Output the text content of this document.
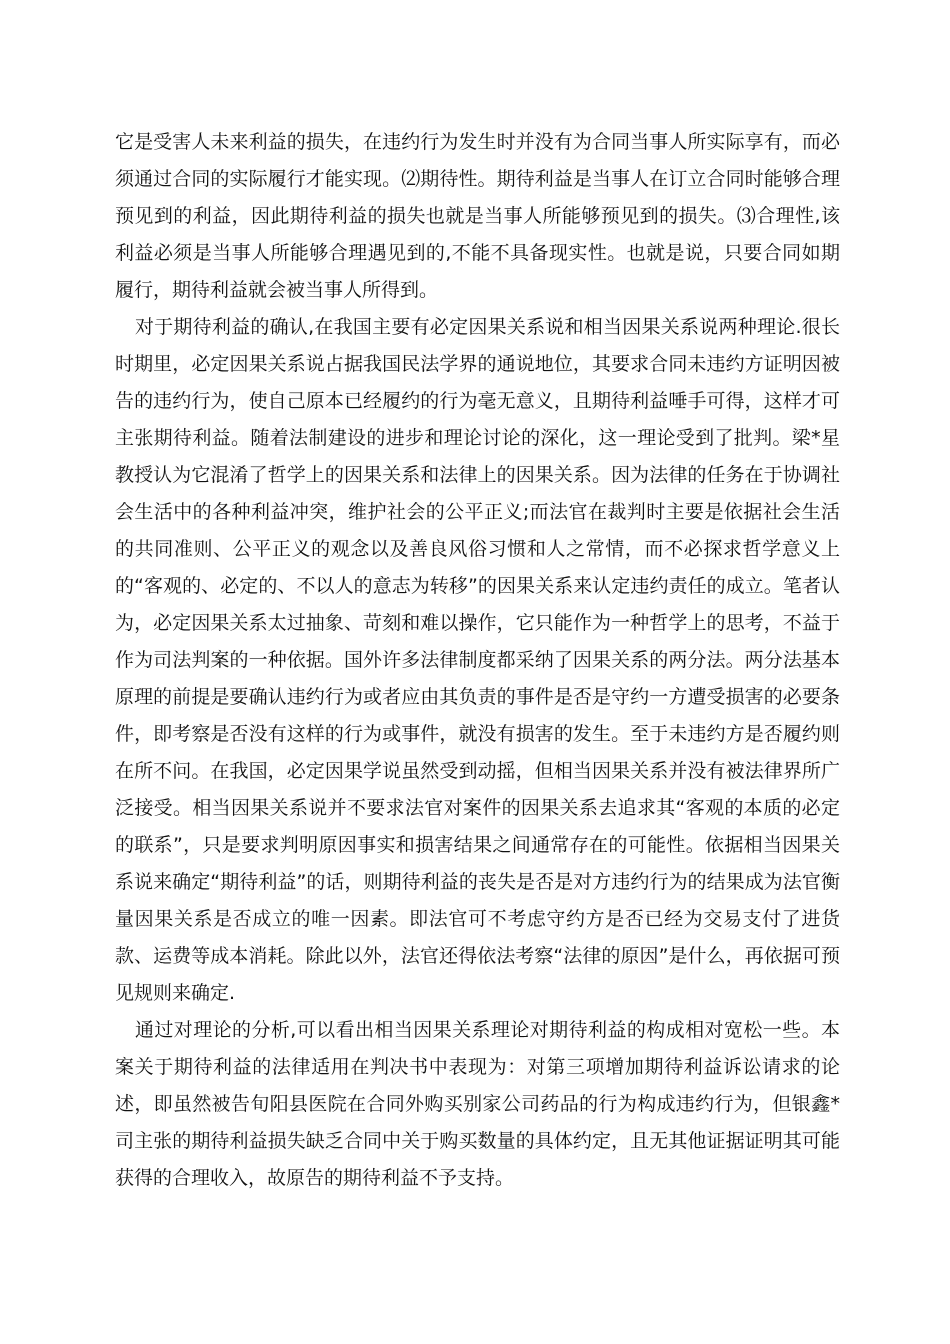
它是受害人未来利益的损失，在违约行为发生时并没有为合同当事人所实际享有，而必须通过合同的实际履行才能实现。⑵期待性。期待利益是当事人在订立合同时能够合理预见到的利益，因此期待利益的损失也就是当事人所能够预见到的损失。⑶合理性,该利益必须是当事人所能够合理遇见到的,不能不具备现实性。也就是说，只要合同如期履行，期待利益就会被当事人所得到。

对于期待利益的确认,在我国主要有必定因果关系说和相当因果关系说两种理论.很长时期里，必定因果关系说占据我国民法学界的通说地位，其要求合同未违约方证明因被告的违约行为，使自己原本已经履约的行为毫无意义，且期待利益唾手可得，这样才可主张期待利益。随着法制建设的进步和理论讨论的深化，这一理论受到了批判。梁*星教授认为它混淆了哲学上的因果关系和法律上的因果关系。因为法律的任务在于协调社会生活中的各种利益冲突，维护社会的公平正义;而法官在裁判时主要是依据社会生活的共同准则、公平正义的观念以及善良风俗习惯和人之常情，而不必探求哲学意义上的“客观的、必定的、不以人的意志为转移”的因果关系来认定违约责任的成立。笔者认为，必定因果关系太过抽象、苛刻和难以操作，它只能作为一种哲学上的思考，不益于作为司法判案的一种依据。国外许多法律制度都采纳了因果关系的两分法。两分法基本原理的前提是要确认违约行为或者应由其负责的事件是否是守约一方遭受损害的必要条件，即考察是否没有这样的行为或事件，就没有损害的发生。至于未违约方是否履约则在所不问。在我国，必定因果学说虽然受到动摇，但相当因果关系并没有被法律界所广泛接受。相当因果关系说并不要求法官对案件的因果关系去追求其“客观的本质的必定的联系”，只是要求判明原因事实和损害结果之间通常存在的可能性。依据相当因果关系说来确定“期待利益”的话，则期待利益的丧失是否是对方违约行为的结果成为法官衡量因果关系是否成立的唯一因素。即法官可不考虑守约方是否已经为交易支付了进货款、运费等成本消耗。除此以外，法官还得依法考察“法律的原因”是什么，再依据可预见规则来确定.

通过对理论的分析,可以看出相当因果关系理论对期待利益的构成相对宽松一些。本案关于期待利益的法律适用在判决书中表现为：对第三项增加期待利益诉讼请求的论述，即虽然被告旬阳县医院在合同外购买别家公司药品的行为构成违约行为，但银鑫*司主张的期待利益损失缺乏合同中关于购买数量的具体约定，且无其他证据证明其可能获得的合理收入，故原告的期待利益不予支持。
